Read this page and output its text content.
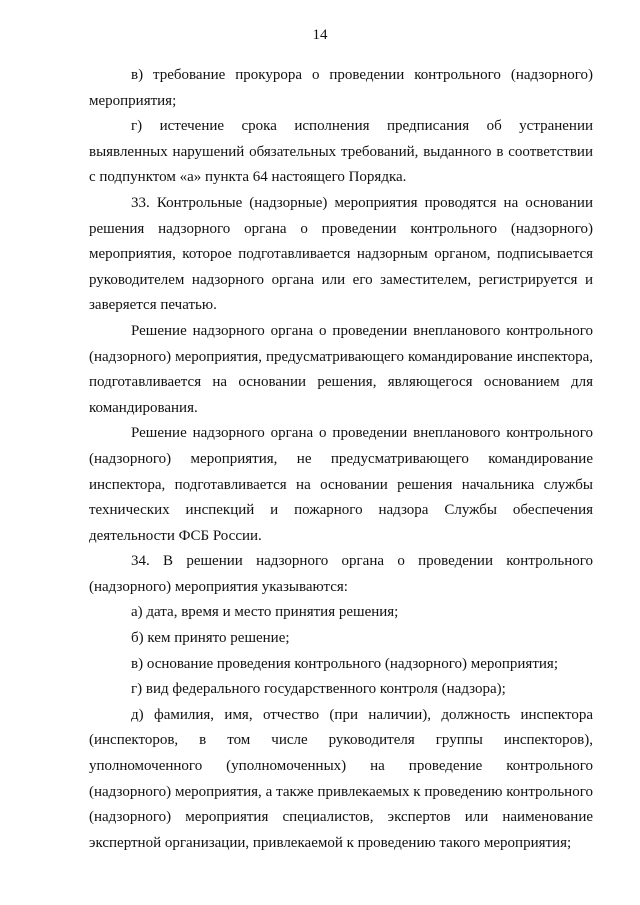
14

в) требование прокурора о проведении контрольного (надзорного) мероприятия;

г) истечение срока исполнения предписания об устранении выявленных нарушений обязательных требований, выданного в соответствии с подпунктом «а» пункта 64 настоящего Порядка.

33. Контрольные (надзорные) мероприятия проводятся на основании решения надзорного органа о проведении контрольного (надзорного) мероприятия, которое подготавливается надзорным органом, подписывается руководителем надзорного органа или его заместителем, регистрируется и заверяется печатью.

Решение надзорного органа о проведении внепланового контрольного (надзорного) мероприятия, предусматривающего командирование инспектора, подготавливается на основании решения, являющегося основанием для командирования.

Решение надзорного органа о проведении внепланового контрольного (надзорного) мероприятия, не предусматривающего командирование инспектора, подготавливается на основании решения начальника службы технических инспекций и пожарного надзора Службы обеспечения деятельности ФСБ России.

34. В решении надзорного органа о проведении контрольного (надзорного) мероприятия указываются:

а) дата, время и место принятия решения;

б) кем принято решение;

в) основание проведения контрольного (надзорного) мероприятия;

г) вид федерального государственного контроля (надзора);

д) фамилия, имя, отчество (при наличии), должность инспектора (инспекторов, в том числе руководителя группы инспекторов), уполномоченного (уполномоченных) на проведение контрольного (надзорного) мероприятия, а также привлекаемых к проведению контрольного (надзорного) мероприятия специалистов, экспертов или наименование экспертной организации, привлекаемой к проведению такого мероприятия;
